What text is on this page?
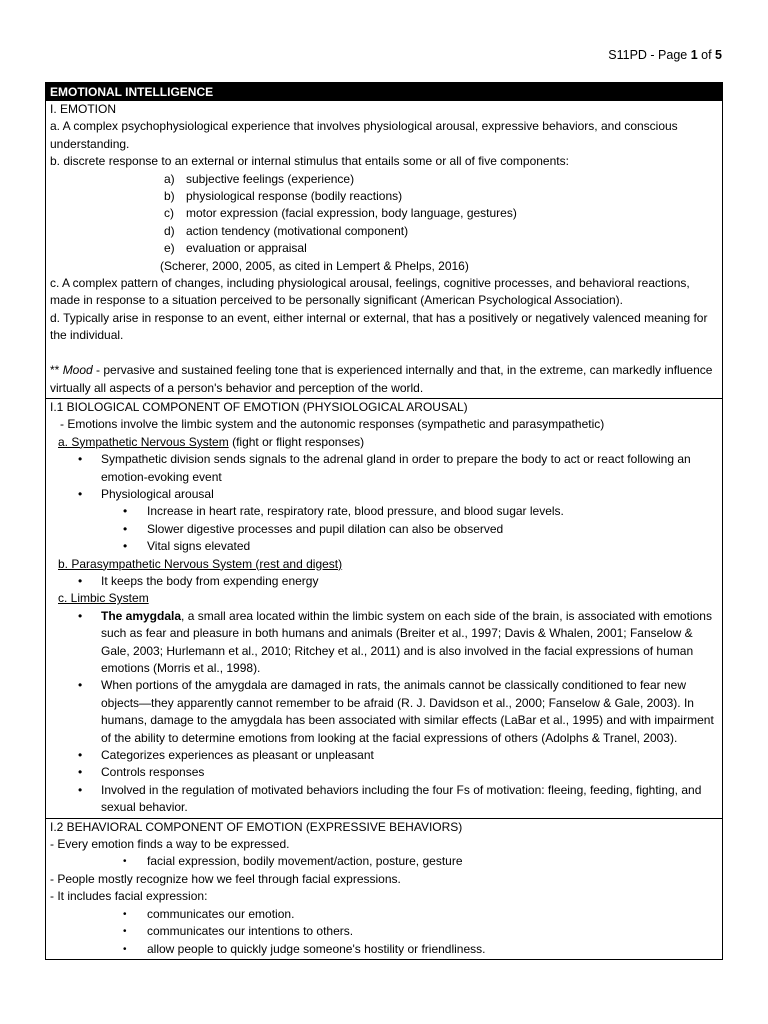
S11PD - Page 1 of 5
EMOTIONAL INTELLIGENCE
I. EMOTION
a. A complex psychophysiological experience that involves physiological arousal, expressive behaviors, and conscious understanding.
b. discrete response to an external or internal stimulus that entails some or all of five components:
a) subjective feelings (experience)
b) physiological response (bodily reactions)
c) motor expression (facial expression, body language, gestures)
d) action tendency (motivational component)
e) evaluation or appraisal
(Scherer, 2000, 2005, as cited in Lempert & Phelps, 2016)
c. A complex pattern of changes, including physiological arousal, feelings, cognitive processes, and behavioral reactions, made in response to a situation perceived to be personally significant (American Psychological Association).
d. Typically arise in response to an event, either internal or external, that has a positively or negatively valenced meaning for the individual.

** Mood - pervasive and sustained feeling tone that is experienced internally and that, in the extreme, can markedly influence virtually all aspects of a person's behavior and perception of the world.
I.1 BIOLOGICAL COMPONENT OF EMOTION (PHYSIOLOGICAL AROUSAL)
- Emotions involve the limbic system and the autonomic responses (sympathetic and parasympathetic)
a. Sympathetic Nervous System (fight or flight responses)
• Sympathetic division sends signals to the adrenal gland in order to prepare the body to act or react following an emotion-evoking event
• Physiological arousal
• Increase in heart rate, respiratory rate, blood pressure, and blood sugar levels.
• Slower digestive processes and pupil dilation can also be observed
• Vital signs elevated
b. Parasympathetic Nervous System (rest and digest)
• It keeps the body from expending energy
c. Limbic System
• The amygdala, a small area located within the limbic system on each side of the brain, is associated with emotions such as fear and pleasure in both humans and animals (Breiter et al., 1997; Davis & Whalen, 2001; Fanselow & Gale, 2003; Hurlemann et al., 2010; Ritchey et al., 2011) and is also involved in the facial expressions of human emotions (Morris et al., 1998).
• When portions of the amygdala are damaged in rats, the animals cannot be classically conditioned to fear new objects—they apparently cannot remember to be afraid (R. J. Davidson et al., 2000; Fanselow & Gale, 2003). In humans, damage to the amygdala has been associated with similar effects (LaBar et al., 1995) and with impairment of the ability to determine emotions from looking at the facial expressions of others (Adolphs & Tranel, 2003).
• Categorizes experiences as pleasant or unpleasant
• Controls responses
• Involved in the regulation of motivated behaviors including the four Fs of motivation: fleeing, feeding, fighting, and sexual behavior.
I.2 BEHAVIORAL COMPONENT OF EMOTION (EXPRESSIVE BEHAVIORS)
- Every emotion finds a way to be expressed.
• facial expression, bodily movement/action, posture, gesture
- People mostly recognize how we feel through facial expressions.
- It includes facial expression:
• communicates our emotion.
• communicates our intentions to others.
• allow people to quickly judge someone's hostility or friendliness.
